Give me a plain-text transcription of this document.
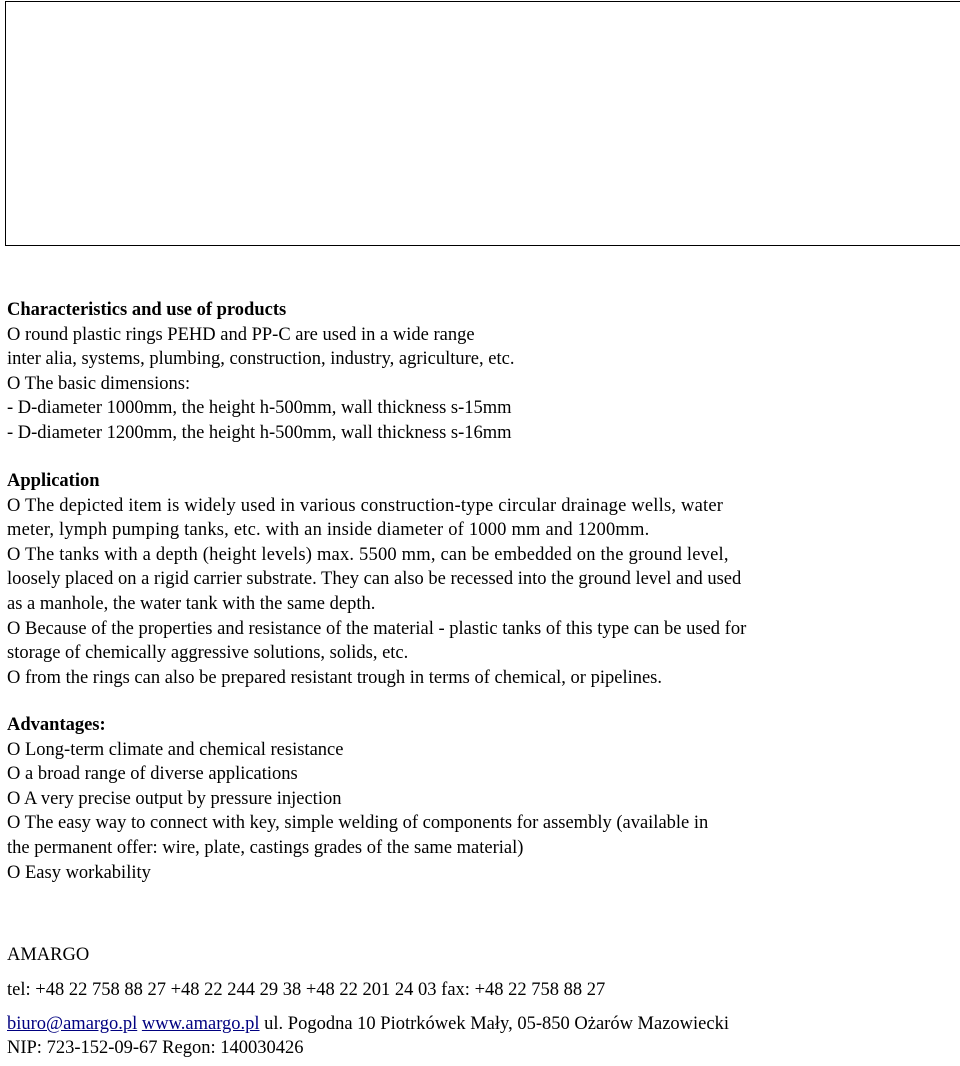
Characteristics and use of products
O round plastic rings PEHD and PP-C are used in a wide range
inter alia, systems, plumbing, construction, industry, agriculture, etc.
O The basic dimensions:
- D-diameter 1000mm, the height h-500mm, wall thickness s-15mm
- D-diameter 1200mm, the height h-500mm, wall thickness s-16mm
Application
O The depicted item is widely used in various construction-type circular drainage wells, water
meter, lymph pumping tanks, etc. with an inside diameter of 1000 mm and 1200mm.
O The tanks with a depth (height levels) max. 5500 mm, can be embedded on the ground level,
loosely placed on a rigid carrier substrate. They can also be recessed into the ground level and used
as a manhole, the water tank with the same depth.
O Because of the properties and resistance of the material - plastic tanks of this type can be used for
storage of chemically aggressive solutions, solids, etc.
O from the rings can also be prepared resistant trough in terms of chemical, or pipelines.
Advantages:
O Long-term climate and chemical resistance
O a broad range of diverse applications
O A very precise output by pressure injection
O The easy way to connect with key, simple welding of components for assembly (available in
the permanent offer: wire, plate, castings grades of the same material)
O Easy workability
AMARGO
tel: +48 22 758 88 27 +48 22 244 29 38 +48 22 201 24 03 fax: +48 22 758 88 27
biuro@amargo.pl www.amargo.pl ul. Pogodna 10 Piotrkówek Mały, 05-850 Ożarów Mazowiecki
NIP: 723-152-09-67 Regon: 140030426
